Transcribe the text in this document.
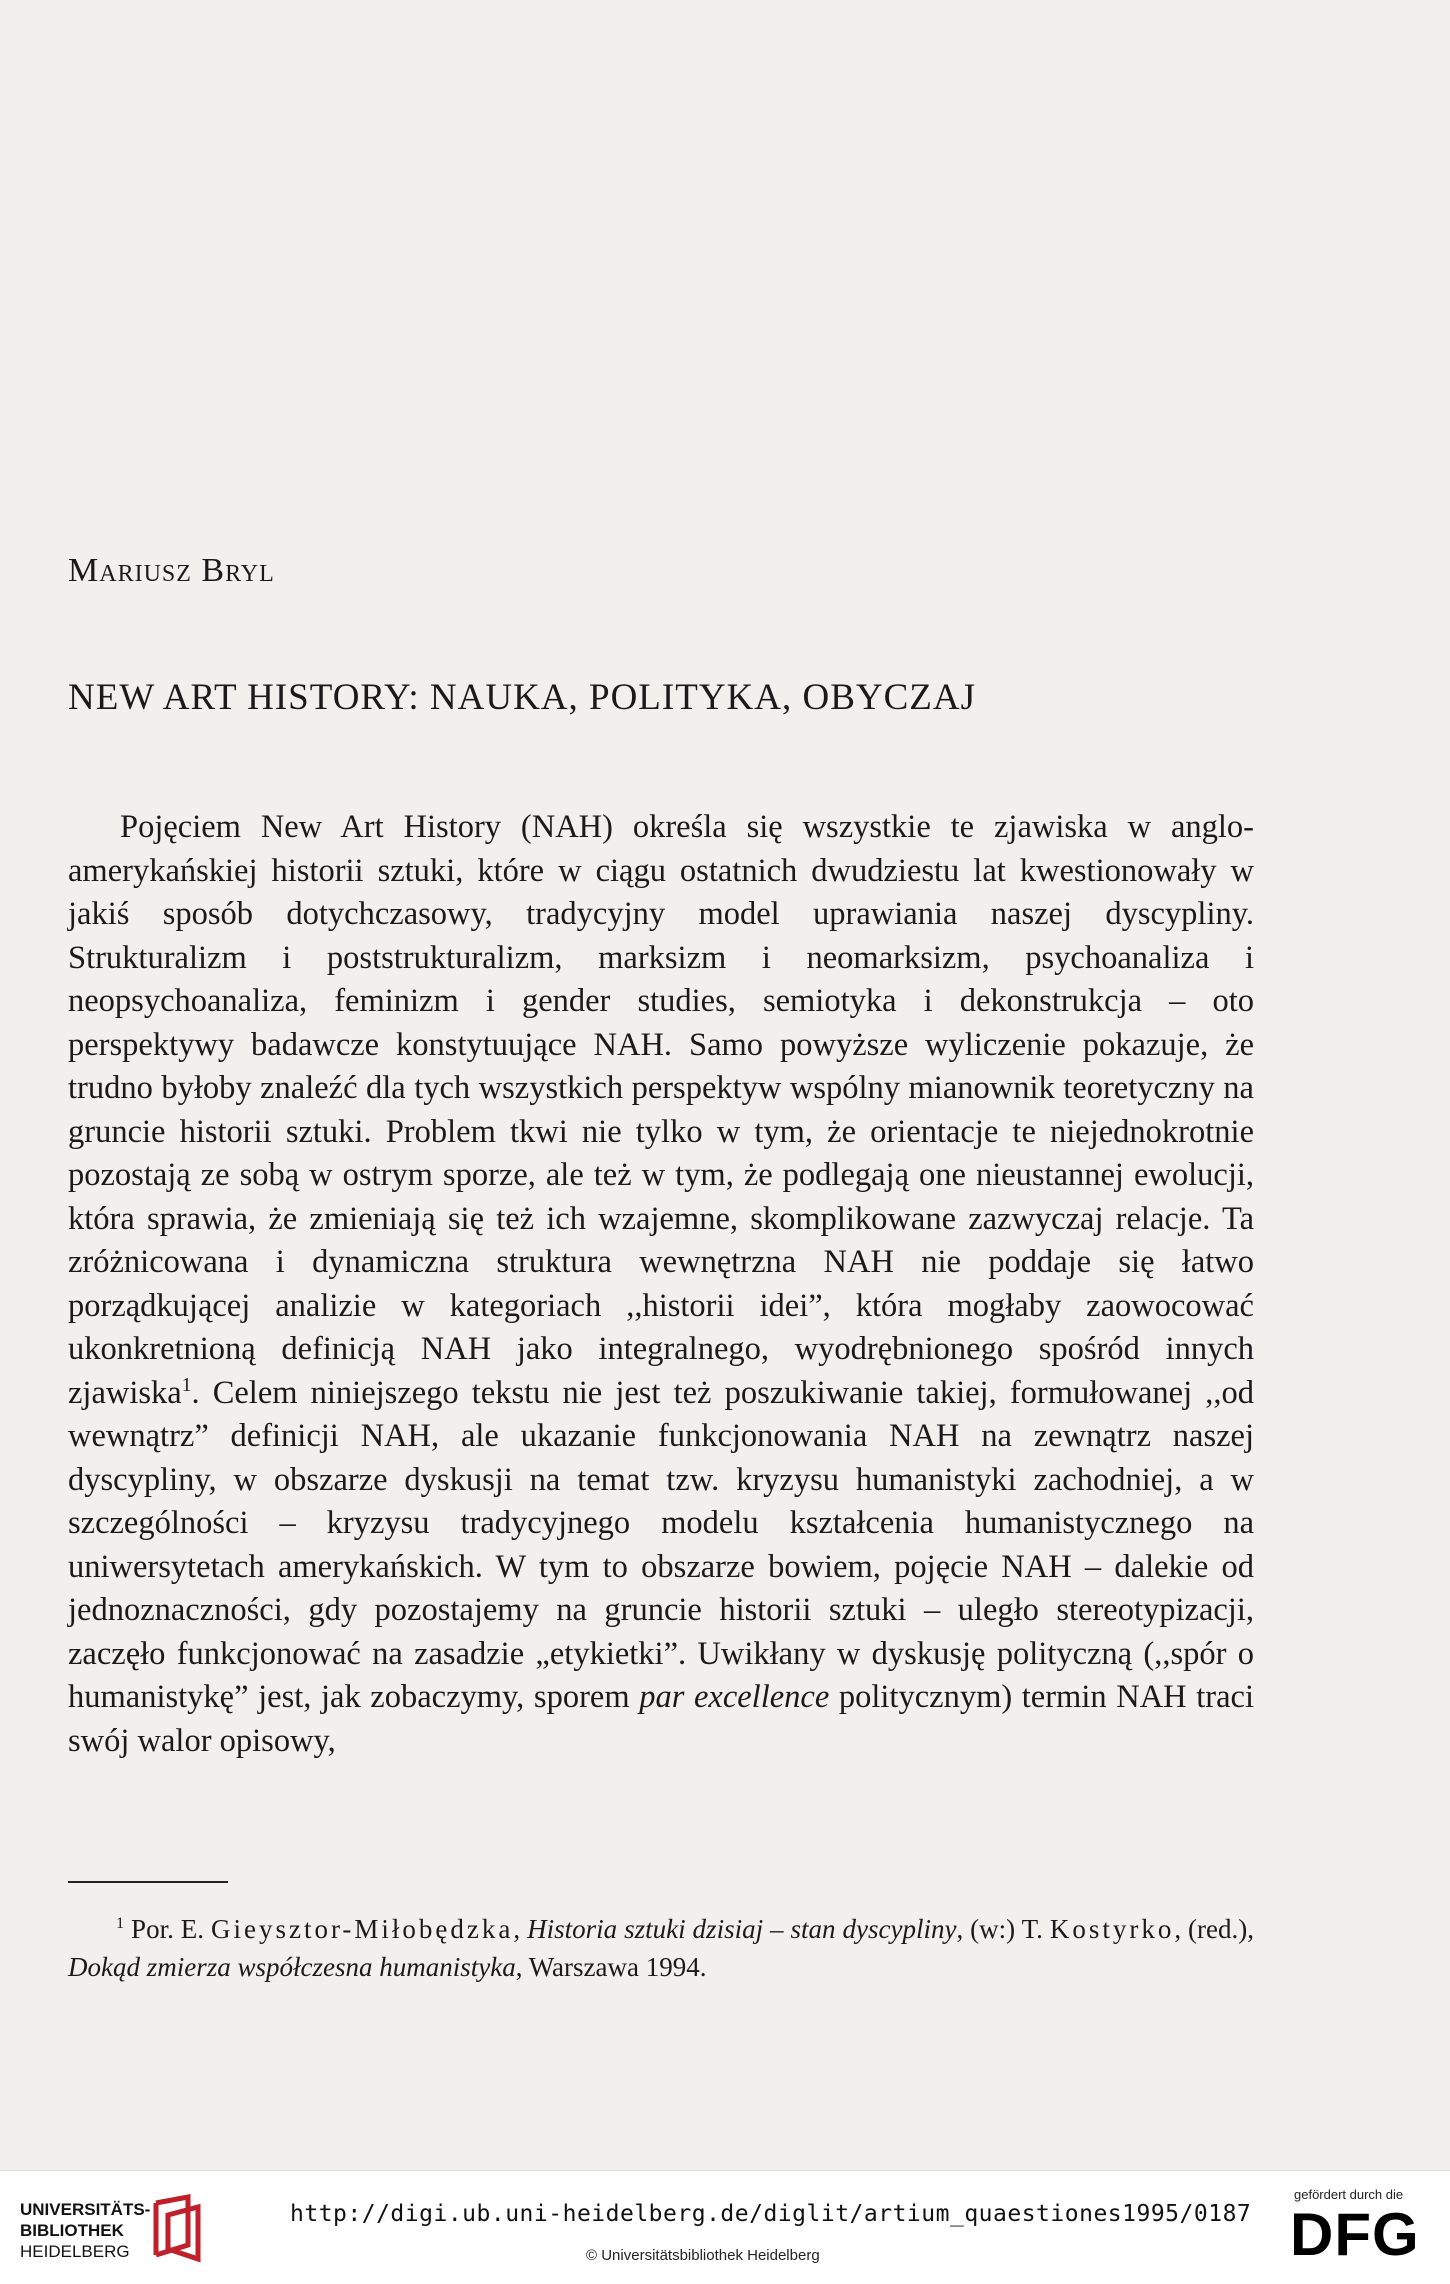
Mariusz Bryl
NEW ART HISTORY: NAUKA, POLITYKA, OBYCZAJ

Pojęciem New Art History (NAH) określa się wszystkie te zjawiska w anglo-amerykańskiej historii sztuki, które w ciągu ostatnich dwudziestu lat kwestionowały w jakiś sposób dotychczasowy, tradycyjny model uprawiania naszej dyscypliny. Strukturalizm i poststrukturalizm, marksizm i neomarksizm, psychoanaliza i neopsychoanaliza, feminizm i gender studies, semiotyka i dekonstrukcja – oto perspektywy badawcze konstytuujące NAH. Samo powyższe wyliczenie pokazuje, że trudno byłoby znaleźć dla tych wszystkich perspektyw wspólny mianownik teoretyczny na gruncie historii sztuki. Problem tkwi nie tylko w tym, że orientacje te niejednokrotnie pozostają ze sobą w ostrym sporze, ale też w tym, że podlegają one nieustannej ewolucji, która sprawia, że zmieniają się też ich wzajemne, skomplikowane zazwyczaj relacje. Ta zróżnicowana i dynamiczna struktura wewnętrzna NAH nie poddaje się łatwo porządkującej analizie w kategoriach ,,historii idei”, która mogłaby zaowocować ukonkretnioną definicją NAH jako integralnego, wyodrębnionego spośród innych zjawiska$^1$. Celem niniejszego tekstu nie jest też poszukiwanie takiej, formułowanej ,,od wewnątrz” definicji NAH, ale ukazanie funkcjonowania NAH na zewnątrz naszej dyscypliny, w obszarze dyskusji na temat tzw. kryzysu humanistyki zachodniej, a w szczególności – kryzysu tradycyjnego modelu kształcenia humanistycznego na uniwersytetach amerykańskich. W tym to obszarze bowiem, pojęcie NAH – dalekie od jednoznaczności, gdy pozostajemy na gruncie historii sztuki – uległo stereotypizacji, zaczęło funkcjonować na zasadzie „etykietki”. Uwikłany w dyskusję polityczną (,,spór o humanistykę” jest, jak zobaczymy, sporem par excellence politycznym) termin NAH traci swój walor opisowy,

$^1$ Por. E. Gieysztor-Miłobędzka, Historia sztuki dzisiaj – stan dyscypliny, (w:) T. Kostyrko, (red.), Dokąd zmierza współczesna humanistyka, Warszawa 1994.

UNIVERSITÄTS-
BIBLIOTHEK
HEIDELBERG
http://digi.ub.uni-heidelberg.de/diglit/artium_quaestiones1995/0187
© Universitätsbibliothek Heidelberg
gefördert durch die
DFG
